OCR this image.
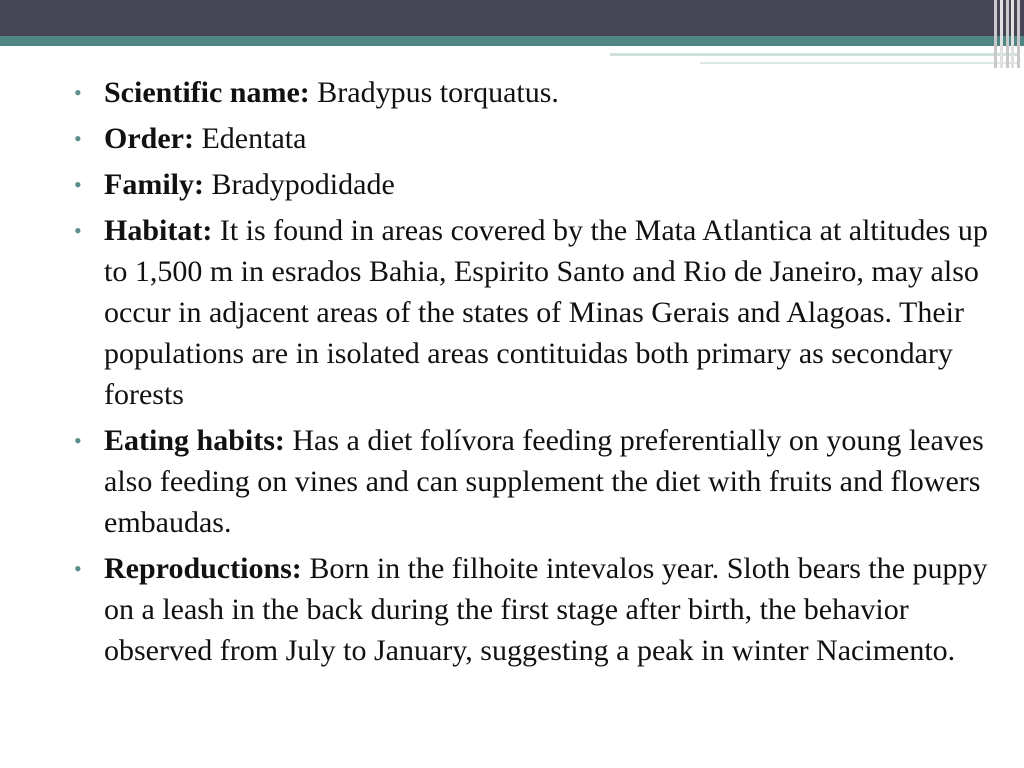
• Scientific name: Bradypus torquatus.
• Order: Edentata
• Family: Bradypodidade
• Habitat: It is found in areas covered by the Mata Atlantica at altitudes up to 1,500 m in esrados Bahia, Espirito Santo and Rio de Janeiro, may also occur in adjacent areas of the states of Minas Gerais and Alagoas. Their populations are in isolated areas contituidas both primary as secondary forests
• Eating habits: Has a diet folívora feeding preferentially on young leaves also feeding on vines and can supplement the diet with fruits and flowers embaudas.
• Reproductions: Born in the filhoite intevalos year. Sloth bears the puppy on a leash in the back during the first stage after birth, the behavior observed from July to January, suggesting a peak in winter Nacimento.
